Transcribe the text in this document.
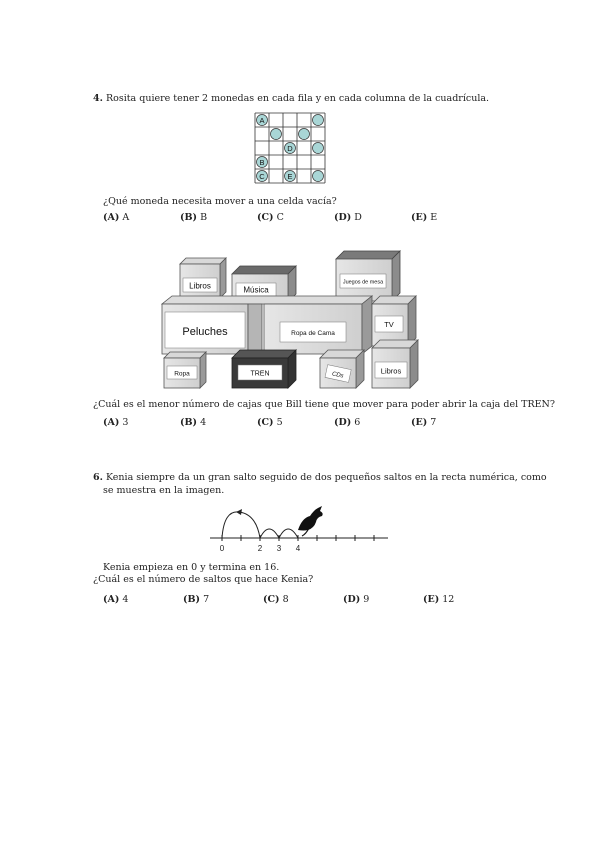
4. Rosita quiere tener 2 monedas en cada fila y en cada columna de la cuadrícula.
A
D
B
C	E
¿Qué moneda necesita mover a una celda vacía?
(A) A	(B) B	(C) C	(D) D	(E) E
Libros	Música
Juegos de mesa
Peluches	Ropa de Cama
TV
Ropa	TREN	CDs	Libros
¿Cuál es el menor número de cajas que Bill tiene que mover para poder abrir la caja del TREN?
(A) 3	(B) 4	(C) 5	(D) 6	(E) 7
6. Kenia siempre da un gran salto seguido de dos pequeños saltos en la recta numérica, como
se muestra en la imagen.
0	2 3 4
Kenia empieza en 0 y termina en 16.
¿Cuál es el número de saltos que hace Kenia?
(A) 4	(B) 7	(C) 8	(D) 9	(E) 12
